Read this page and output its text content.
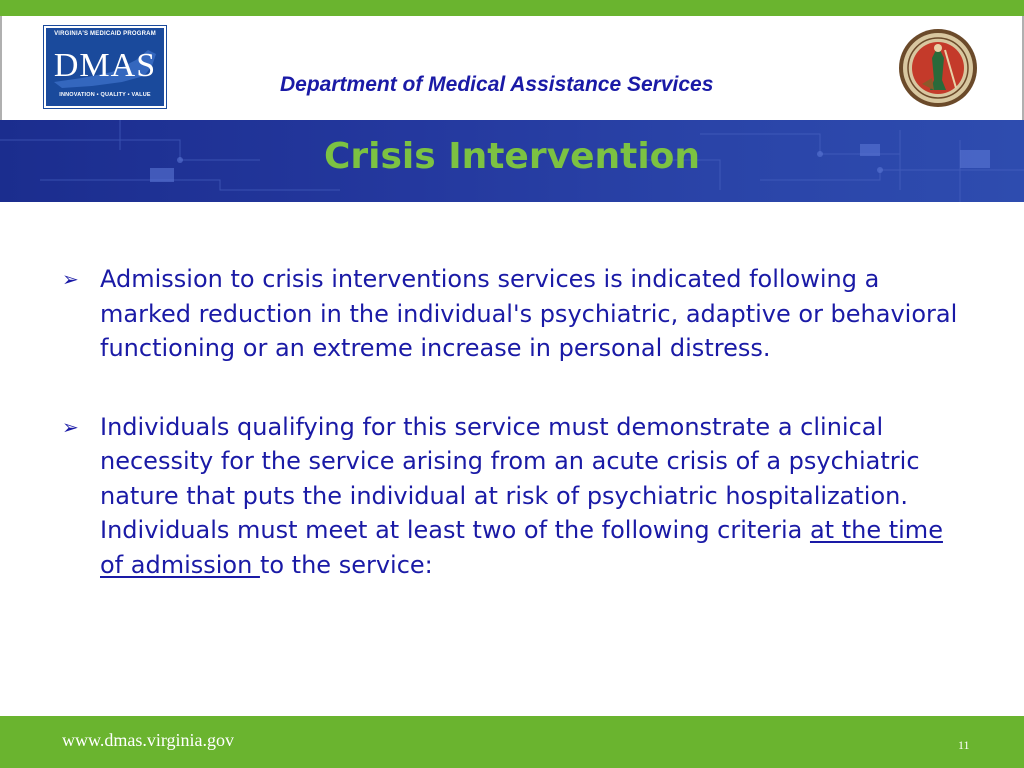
VIRGINIA'S MEDICAID PROGRAM
DMAS
INNOVATION • QUALITY • VALUE	Department of Medical Assistance Services
Crisis Intervention
➢ Admission to crisis interventions services is indicated following a marked reduction in the individual's psychiatric, adaptive or behavioral functioning or an extreme increase in personal distress.
➢ Individuals qualifying for this service must demonstrate a clinical necessity for the service arising from an acute crisis of a psychiatric nature that puts the individual at risk of psychiatric hospitalization. Individuals must meet at least two of the following criteria at the time of admission to the service:
www.dmas.virginia.gov	11
